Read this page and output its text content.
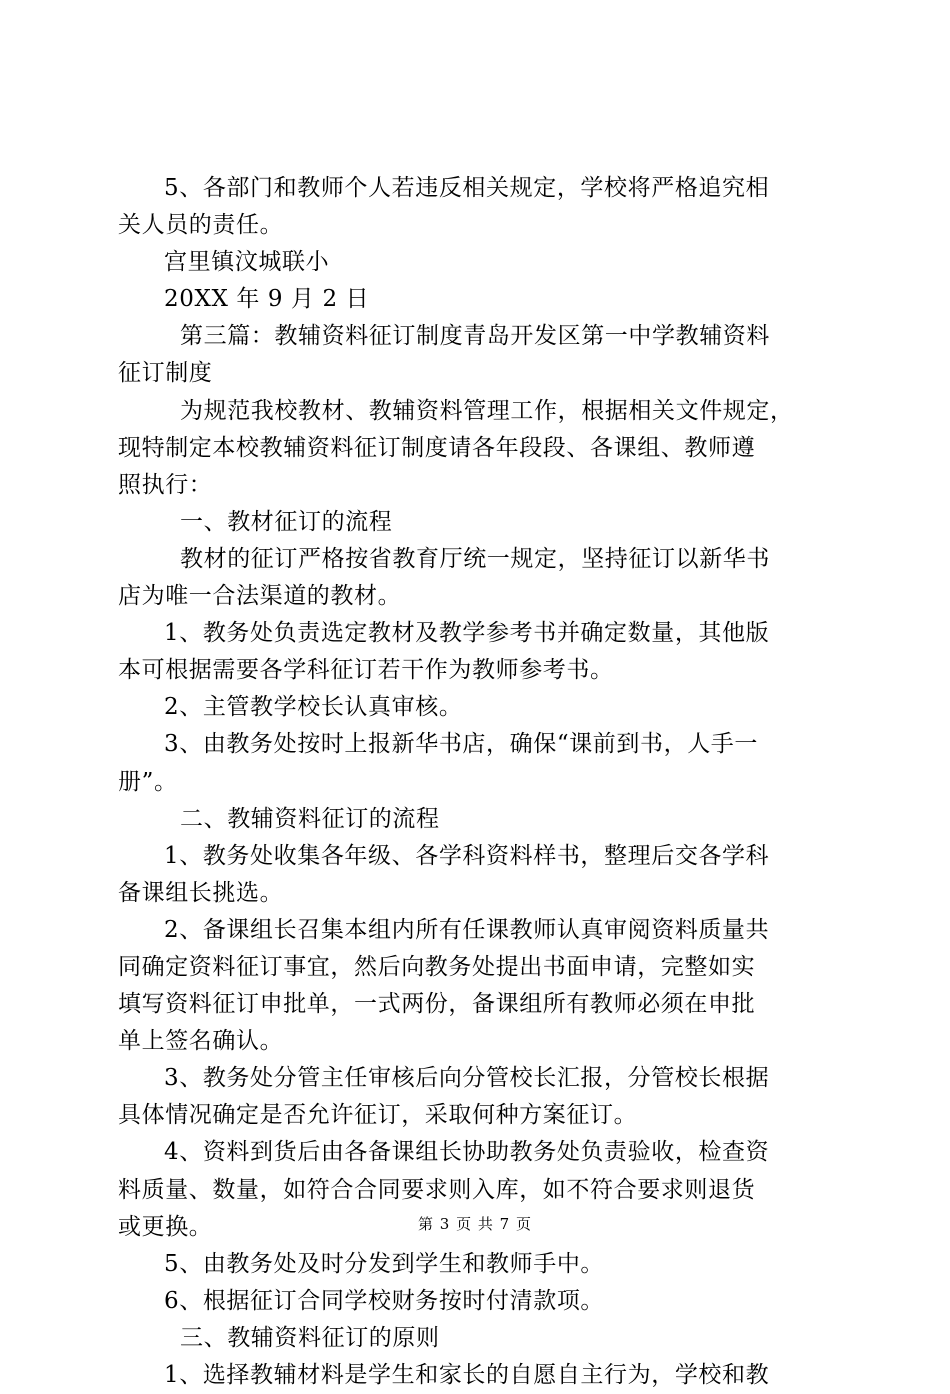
5、各部门和教师个人若违反相关规定，学校将严格追究相
关人员的责任。
宫里镇汶城联小
20XX 年 9 月 2 日
第三篇：教辅资料征订制度青岛开发区第一中学教辅资料
征订制度
为规范我校教材、教辅资料管理工作，根据相关文件规定，
现特制定本校教辅资料征订制度请各年段段、各课组、教师遵
照执行：
一、教材征订的流程
教材的征订严格按省教育厅统一规定，坚持征订以新华书
店为唯一合法渠道的教材。
1、教务处负责选定教材及教学参考书并确定数量，其他版
本可根据需要各学科征订若干作为教师参考书。
2、主管教学校长认真审核。
3、由教务处按时上报新华书店，确保“课前到书，人手一
册”。
二、教辅资料征订的流程
1、教务处收集各年级、各学科资料样书，整理后交各学科
备课组长挑选。
2、备课组长召集本组内所有任课教师认真审阅资料质量共
同确定资料征订事宜，然后向教务处提出书面申请，完整如实
填写资料征订申批单，一式两份，备课组所有教师必须在申批
单上签名确认。
3、教务处分管主任审核后向分管校长汇报，分管校长根据
具体情况确定是否允许征订，采取何种方案征订。
4、资料到货后由各备课组长协助教务处负责验收，检查资
料质量、数量，如符合合同要求则入库，如不符合要求则退货
或更换。
5、由教务处及时分发到学生和教师手中。
6、根据征订合同学校财务按时付清款项。
三、教辅资料征订的原则
1、选择教辅材料是学生和家长的自愿自主行为，学校和教
第 3 页 共 7 页
